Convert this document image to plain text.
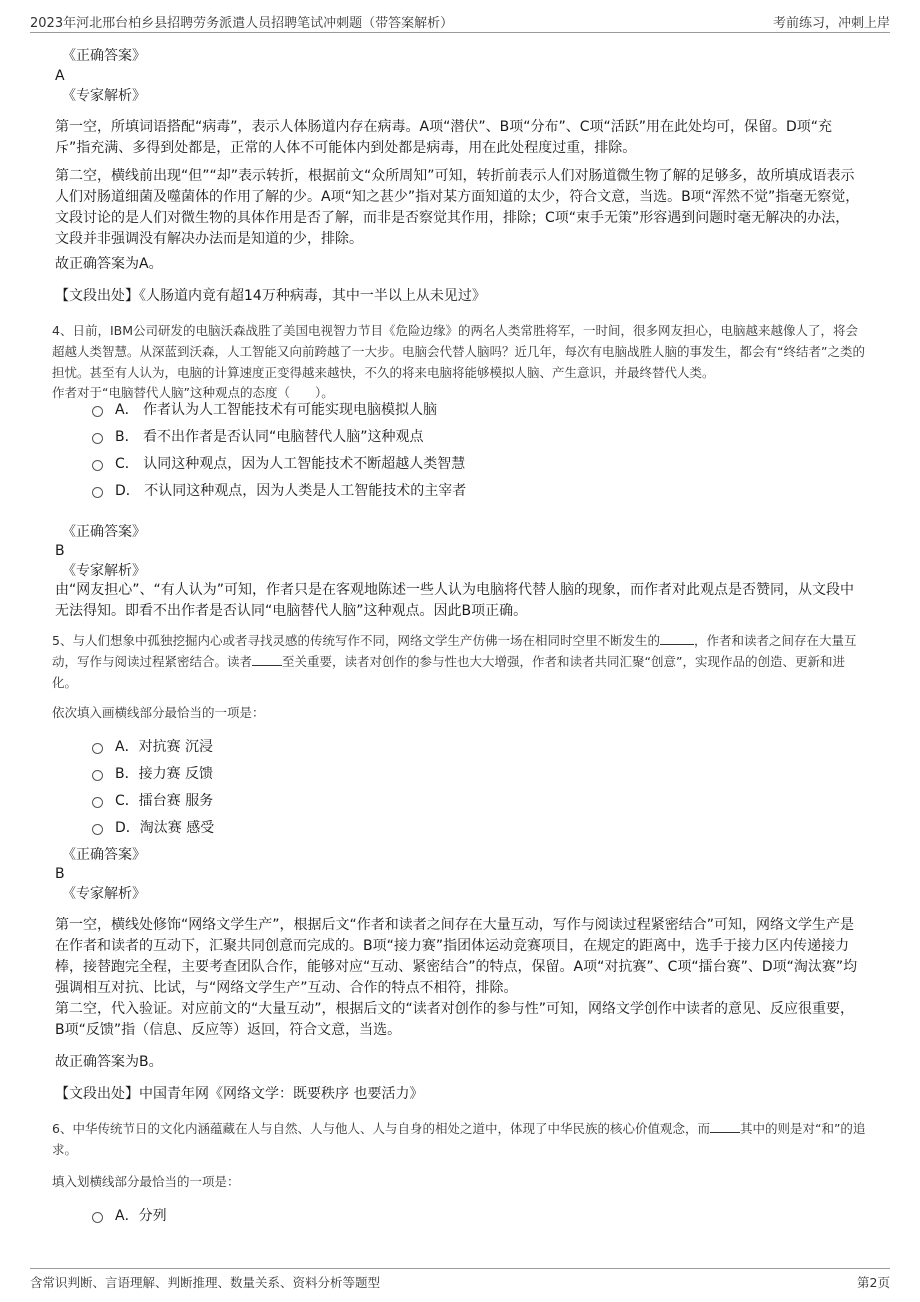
2023年河北邢台柏乡县招聘劳务派遣人员招聘笔试冲刺题（带答案解析）	考前练习，冲刺上岸
《正确答案》
A
《专家解析》
第一空，所填词语搭配“病毒”，表示人体肠道内存在病毒。A项“潜伏”、B项“分布”、C项“活跃”用在此处均可，保留。D项“充斥”指充满、多得到处都是，正常的人体不可能体内到处都是病毒，用在此处程度过重，排除。
第二空，横线前出现“但”“却”表示转折，根据前文“众所周知”可知，转折前表示人们对肠道微生物了解的足够多，故所填成语表示人们对肠道细菌及噬菌体的作用了解的少。A项“知之甚少”指对某方面知道的太少，符合文意，当选。B项“浑然不觉”指毫无察觉，文段讨论的是人们对微生物的具体作用是否了解，而非是否察觉其作用，排除；C项“束手无策”形容遇到问题时毫无解决的办法，文段并非强调没有解决办法而是知道的少，排除。
故正确答案为A。
【文段出处】《人肠道内竟有超14万种病毒，其中一半以上从未见过》
4、日前，IBM公司研发的电脑沃森战胜了美国电视智力节目《危险边缘》的两名人类常胜将军，一时间，很多网友担心，电脑越来越像人了，将会超越人类智慧。从深蓝到沃森，人工智能又向前跨越了一大步。电脑会代替人脑吗？近几年，每次有电脑战胜人脑的事发生，都会有“终结者”之类的担忧。甚至有人认为，电脑的计算速度正变得越来越快，不久的将来电脑将能够模拟人脑、产生意识，并最终替代人类。
作者对于“电脑替代人脑”这种观点的态度（　　）。
A． 作者认为人工智能技术有可能实现电脑模拟人脑
B． 看不出作者是否认同“电脑替代人脑”这种观点
C． 认同这种观点，因为人工智能技术不断超越人类智慧
D． 不认同这种观点，因为人类是人工智能技术的主宰者
《正确答案》
B
《专家解析》
由“网友担心”、“有人认为”可知，作者只是在客观地陈述一些人认为电脑将代替人脑的现象，而作者对此观点是否赞同，从文段中无法得知。即看不出作者是否认同“电脑替代人脑”这种观点。因此B项正确。
5、与人们想象中孤独挖掘内心或者寻找灵感的传统写作不同，网络文学生产仿佛一场在相同时空里不断发生的	，作者和读者之间存在大量互动，写作与阅读过程紧密结合。读者 至关重要，读者对创作的参与性也大大增强，作者和读者共同汇聚“创意”，实现作品的创造、更新和进化。
依次填入画横线部分最恰当的一项是：
A．对抗赛 沉浸
B．接力赛 反馈
C．擂台赛 服务
D．淘汰赛 感受
《正确答案》
B
《专家解析》
第一空，横线处修饰“网络文学生产”，根据后文“作者和读者之间存在大量互动，写作与阅读过程紧密结合”可知，网络文学生产是在作者和读者的互动下，汇聚共同创意而完成的。B项“接力赛”指团体运动竞赛项目，在规定的距离中，选手于接力区内传递接力棒，接替跑完全程，主要考查团队合作，能够对应“互动、紧密结合”的特点，保留。A项“对抗赛”、C项“擂台赛”、D项“淘汰赛”均强调相互对抗、比试，与“网络文学生产”互动、合作的特点不相符，排除。
第二空，代入验证。对应前文的“大量互动”，根据后文的“读者对创作的参与性”可知，网络文学创作中读者的意见、反应很重要，B项“反馈”指（信息、反应等）返回，符合文意，当选。
故正确答案为B。
【文段出处】中国青年网《网络文学：既要秩序 也要活力》
6、中华传统节日的文化内涵蕴藏在人与自然、人与他人、人与自身的相处之道中，体现了中华民族的核心价值观念，而 其中的则是对“和”的追求。
填入划横线部分最恰当的一项是：
A．分列
含常识判断、言语理解、判断推理、数量关系、资料分析等题型	第2页
